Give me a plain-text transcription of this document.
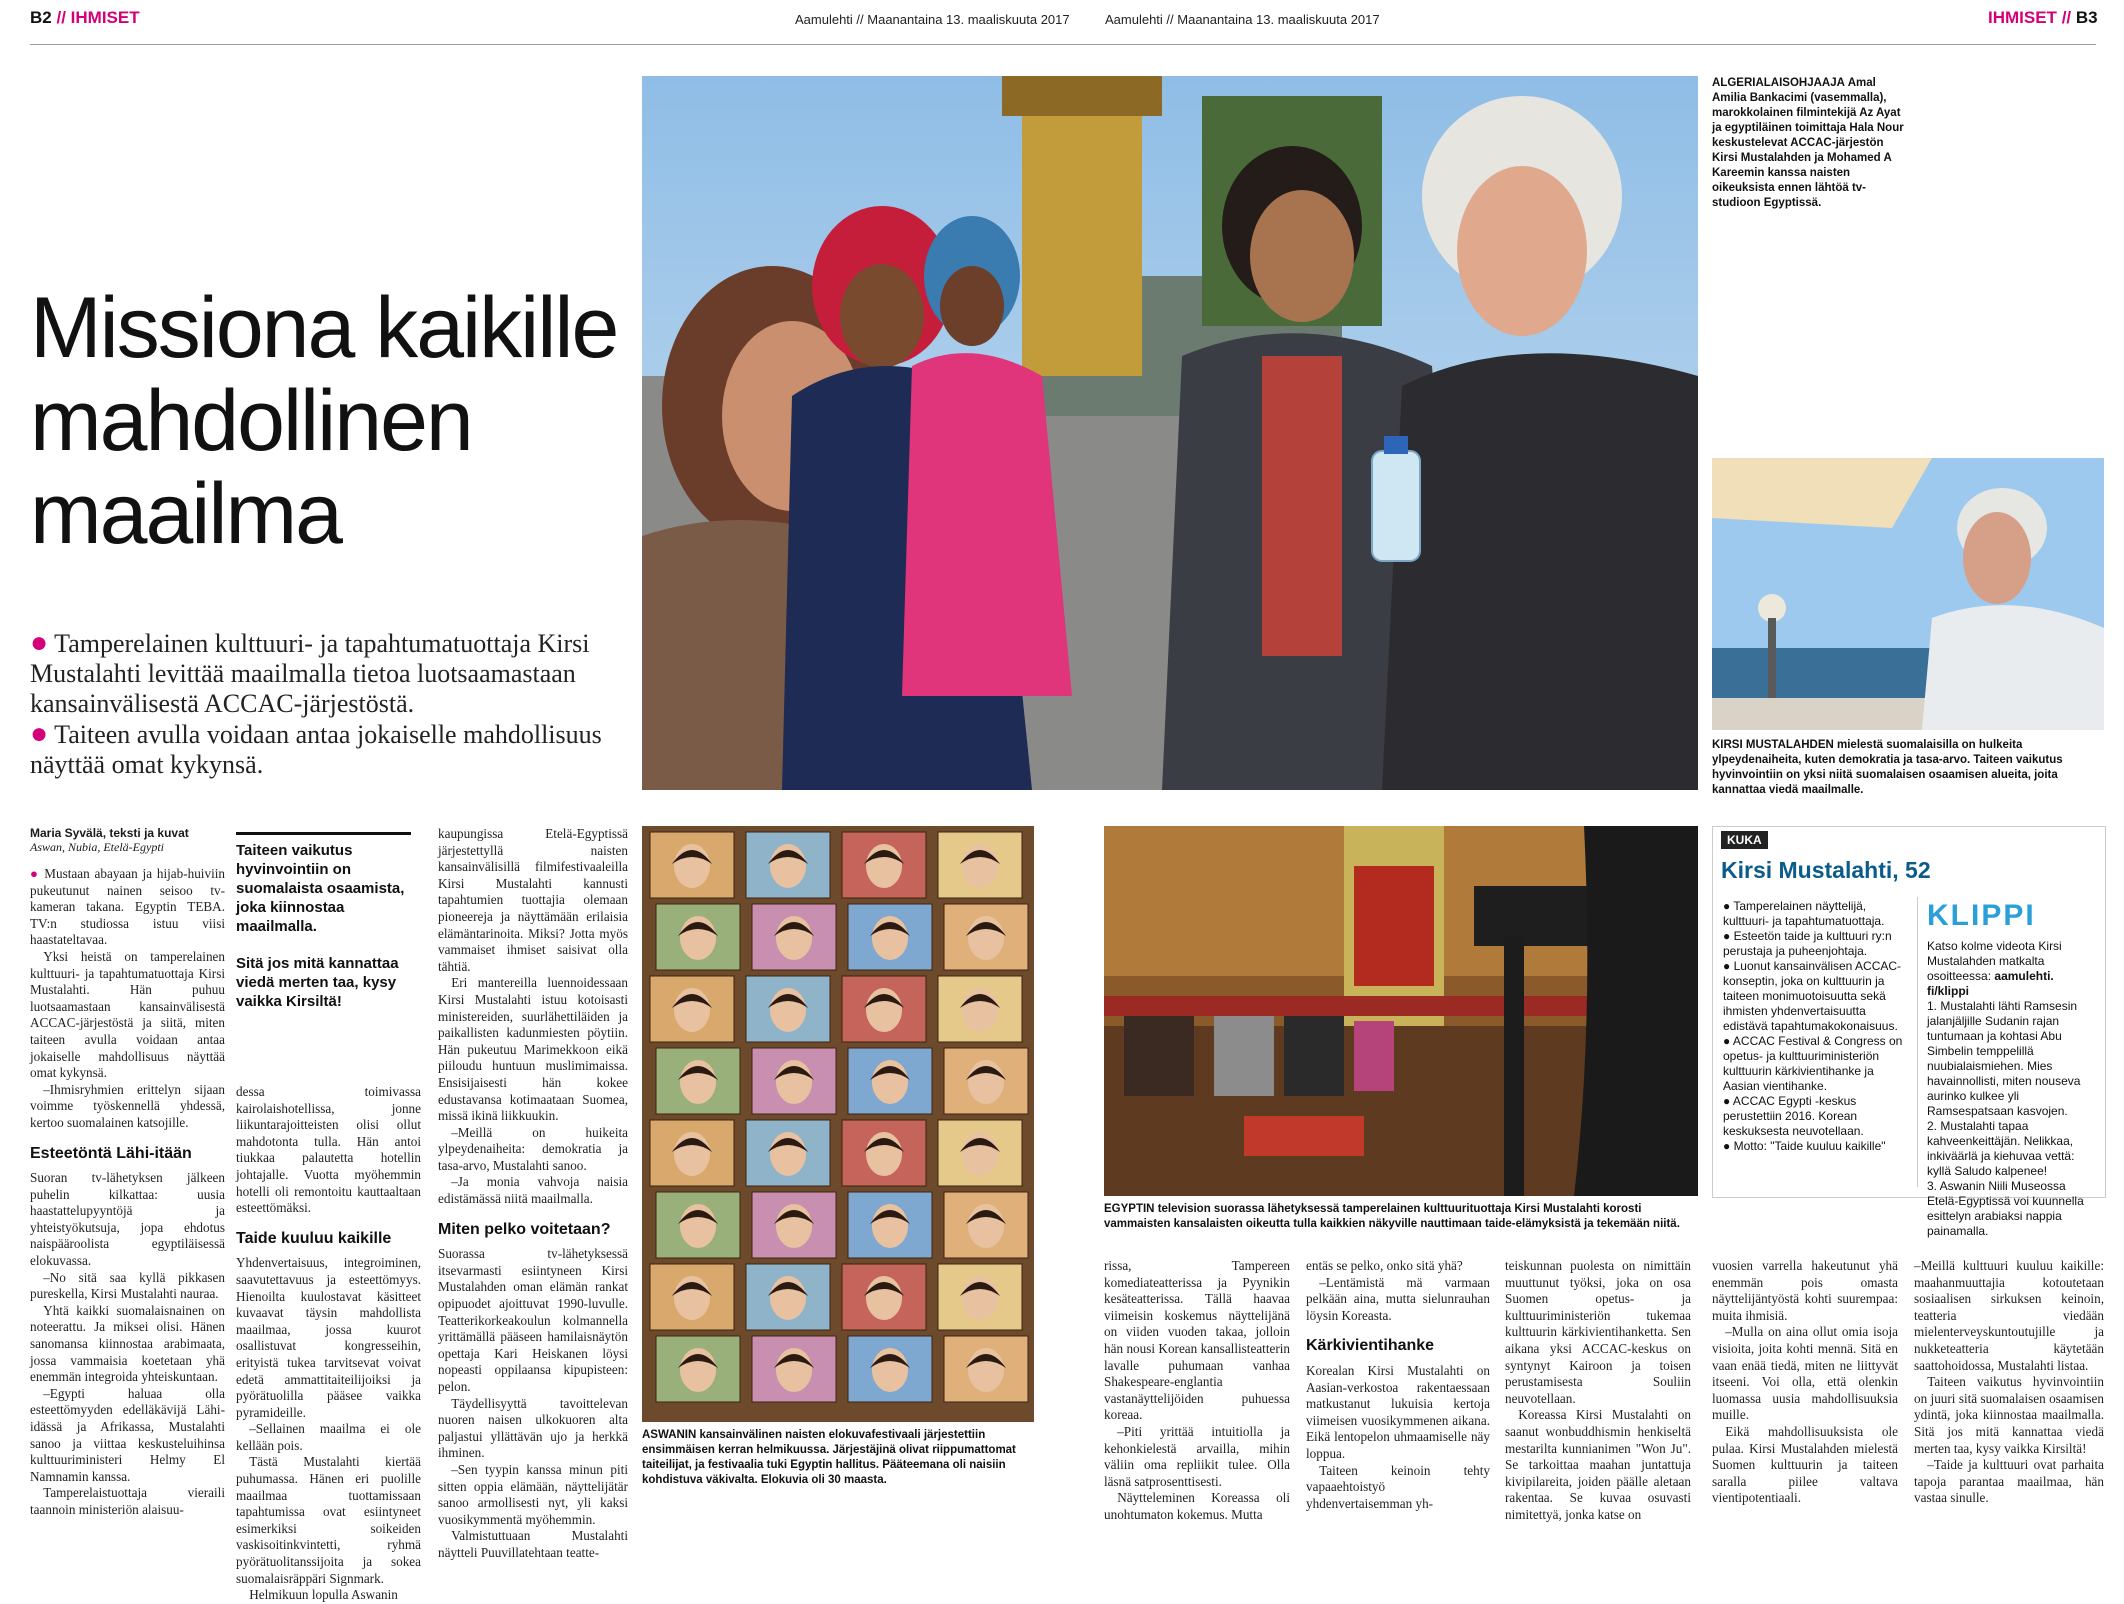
B2 // IHMISET	Aamulehti // Maanantaina 13. maaliskuuta 2017	Aamulehti // Maanantaina 13. maaliskuuta 2017	IHMISET // B3
Missiona kaikille
mahdollinen
maailma
● Tamperelainen kulttuuri- ja tapahtumatuottaja Kirsi Mustalahti levittää maailmalla tietoa luotsaamastaan kansainvälisestä ACCAC-järjestöstä.
● Taiteen avulla voidaan antaa jokaiselle mahdollisuus näyttää omat kykynsä.
ALGERIALAISOHJAAJA Amal Amilia Bankacimi (vasemmalla), marokkolainen filmintekijä Az Ayat ja egyptiläinen toimittaja Hala Nour keskustelevat ACCAC-järjestön Kirsi Mustalahden ja Mohamed A Kareemin kanssa naisten oikeuksista ennen lähtöä tv-studioon Egyptissä.
KIRSI MUSTALAHDEN mielestä suomalaisilla on hulkeita ylpeydenaiheita, kuten demokratia ja tasa-arvo. Taiteen vaikutus hyvinvointiin on yksi niitä suomalaisen osaamisen alueita, joita kannattaa viedä maailmalle.
Maria Syvälä, teksti ja kuvat
Aswan, Nubia, Etelä-Egypti

● Mustaan abayaan ja hijab-huiviin pukeutunut nainen seisoo tv-kameran takana. Egyptin TEBA. TV:n studiossa istuu viisi haastateltavaa.

Yksi heistä on tamperelainen kulttuuri- ja tapahtumatuottaja Kirsi Mustalahti. Hän puhuu luotsaamastaan kansainvälisestä ACCAC-järjestöstä ja siitä, miten taiteen avulla voidaan antaa jokaiselle mahdollisuus näyttää omat kykynsä.

–Ihmisryhmien erittelyn sijaan voimme työskennellä yhdessä, kertoo suomalainen katsojille.

Esteetöntä Lähi-itään

Suoran tv-lähetyksen jälkeen puhelin kilkattaa: uusia haastattelupyyntöjä ja yhteistyökutsuja, jopa ehdotus naispääroolista egyptiläisessä elokuvassa.

–No sitä saa kyllä pikkasen pureskella, Kirsi Mustalahti nauraa.

Yhtä kaikki suomalaisnainen on noteerattu. Ja miksei olisi. Hänen sanomansa kiinnostaa arabimaata, jossa vammaisia koetetaan yhä enemmän integroida yhteiskuntaan.

–Egypti haluaa olla esteettömyyden edelläkävijä Lähi-idässä ja Afrikassa, Mustalahti sanoo ja viittaa keskusteluihinsa kulttuuriministeri Helmy El Namnamin kanssa.

Tamperelaistuottaja vieraili taannoin ministeriön alaisuu-

Taiteen vaikutus hyvinvointiin on suomalaista osaamista, joka kiinnostaa maailmalla.
Sitä jos mitä kannattaa viedä merten taa, kysy vaikka Kirsiltä!

dessa toimivassa kairolaishotellissa, jonne liikuntarajoitteisten olisi ollut mahdotonta tulla. Hän antoi tiukkaa palautetta hotellin johtajalle. Vuotta myöhemmin hotelli oli remontoitu kauttaaltaan esteettömäksi.

Taide kuuluu kaikille

Yhdenvertaisuus, integroiminen, saavutettavuus ja esteettömyys. Hienoilta kuulostavat käsitteet kuvaavat täysin mahdollista maailmaa, jossa kuurot osallistuvat kongresseihin, erityistä tukea tarvitsevat voivat edetä ammattitaiteilijoiksi ja pyörätuolilla pääsee vaikka pyramideille.

–Sellainen maailma ei ole kellään pois.

Tästä Mustalahti kiertää puhumassa. Hänen eri puolille maailmaa tuottamissaan tapahtumissa ovat esiintyneet esimerkiksi soikeiden vaskisoitinkvintetti, ryhmä pyörätuolitanssijoita ja sokea suomalaisräppäri Signmark.

Helmikuun lopulla Aswanin

kaupungissa Etelä-Egyptissä järjestettyllä naisten kansainvälisillä filmifestivaaleilla Kirsi Mustalahti kannusti tapahtumien tuottajia olemaan pioneereja ja näyttämään erilaisia elämäntarinoita. Miksi? Jotta myös vammaiset ihmiset saisivat olla tähtiä.

Eri mantereilla luennoidessaan Kirsi Mustalahti istuu kotoisasti ministereiden, suurlähettiläiden ja paikallisten kadunmiesten pöytiin. Hän pukeutuu Marimekkoon eikä piiloudu huntuun muslimimaissa. Ensisijaisesti hän kokee edustavansa kotimaataan Suomea, missä ikinä liikkuukin.

–Meillä on huikeita ylpeydenaiheita: demokratia ja tasa-arvo, Mustalahti sanoo.

–Ja monia vahvoja naisia edistämässä niitä maailmalla.

Miten pelko voitetaan?

Suorassa tv-lähetyksessä itsevarmasti esiintyneen Kirsi Mustalahden oman elämän rankat opipuodet ajoittuvat 1990-luvulle. Teatterikorkeakoulun kolmannella yrittämällä pääseen hamilaisnäytön opettaja Kari Heiskanen löysi nopeasti oppilaansa kipupisteen: pelon.

Täydellisyyttä tavoittelevan nuoren naisen ulkokuoren alta paljastui yllättävän ujo ja herkkä ihminen.

–Sen tyypin kanssa minun piti sitten oppia elämään, näyttelijätär sanoo armollisesti nyt, yli kaksi vuosikymmentä myöhemmin.

Valmistuttuaan Mustalahti näytteli Puuvillatehtaan teatte-

ASWANIN kansainvälinen naisten elokuvafestivaali järjestettiin ensimmäisen kerran helmikuussa. Järjestäjinä olivat riippumattomat taiteilijat, ja festivaalia tuki Egyptin hallitus. Pääteemana oli naisiin kohdistuva väkivalta. Elokuvia oli 30 maasta.
EGYPTIN television suorassa lähetyksessä tamperelainen kulttuurituottaja Kirsi Mustalahti korosti vammaisten kansalaisten oikeutta tulla kaikkien näkyville nauttimaan taide-elämyksistä ja tekemään niitä.

rissa, Tampereen komediateatterissa ja Pyynikin kesäteatterissa. Tällä haavaa viimeisin koskemus näyttelijänä on viiden vuoden takaa, jolloin hän nousi Korean kansallisteatterin lavalle puhumaan vanhaa Shakespeare-englantia vastanäyttelijöiden puhuessa koreaa.

–Piti yrittää intuitiolla ja kehonkielestä arvailla, mihin väliin oma repliikit tulee. Olla läsnä satprosenttisesti.

Näytteleminen Koreassa oli unohtumaton kokemus. Mutta

entäs se pelko, onko sitä yhä?

–Lentämistä mä varmaan pelkään aina, mutta sielunrauhan löysin Koreasta.

Kärkivientihanke

Korealan Kirsi Mustalahti on Aasian-verkostoa rakentaessaan matkustanut lukuisia kertoja viimeisen vuosikymmenen aikana. Eikä lentopelon uhmaamiselle näy loppua.

Taiteen keinoin tehty vapaaehtoistyö yhdenvertaisemman yh-

teiskunnan puolesta on nimittäin muuttunut työksi, joka on osa Suomen opetus- ja kulttuuriministeriön tukemaa kulttuurin kärkivientihanketta. Sen aikana yksi ACCAC-keskus on syntynyt Kairoon ja toisen perustamisesta Souliin neuvotellaan.

Koreassa Kirsi Mustalahti on saanut wonbuddhismin henkiseltä mestarilta kunnianimen "Won Ju". Se tarkoittaa maahan juntattuja kivipilareita, joiden päälle aletaan rakentaa. Se kuvaa osuvasti nimitettyä, jonka katse on

vuosien varrella hakeutunut yhä enemmän pois omasta näyttelijäntyöstä kohti suurempaa: muita ihmisiä.

–Mulla on aina ollut omia isoja visioita, joita kohti mennä. Sitä en vaan enää tiedä, miten ne liittyvät itseeni. Voi olla, että olenkin luomassa uusia mahdollisuuksia muille.

Eikä mahdollisuuksista ole pulaa. Kirsi Mustalahden mielestä Suomen kulttuurin ja taiteen saralla piilee valtava vientipotentiaali.

–Meillä kulttuuri kuuluu kaikille: maahanmuuttajia kotoutetaan sosiaalisen sirkuksen keinoin, teatteria viedään mielenterveyskuntoutujille ja nukketeatteria käytetään saattohoidossa, Mustalahti listaa.

Taiteen vaikutus hyvinvointiin on juuri sitä suomalaisen osaamisen ydintä, joka kiinnostaa maailmalla. Sitä jos mitä kannattaa viedä merten taa, kysy vaikka Kirsiltä!

–Taide ja kulttuuri ovat parhaita tapoja parantaa maailmaa, hän vastaa sinulle.

KUKA
Kirsi Mustalahti, 52
● Tamperelainen näyttelijä, kulttuuri- ja tapahtumatuottaja.
● Esteetön taide ja kulttuuri ry:n perustaja ja puheenjohtaja.
● Luonut kansainvälisen ACCAC-konseptin, joka on kulttuurin ja taiteen monimuotoisuutta sekä ihmisten yhdenvertaisuutta edistävä tapahtumakokonaisuus.
● ACCAC Festival & Congress on opetus- ja kulttuuriministeriön kulttuurin kärkivientihanke ja Aasian vientihanke.
● ACCAC Egypti -keskus perustettiin 2016. Korean keskuksesta neuvotellaan.
● Motto: "Taide kuuluu kaikille"
KLIPPI
Katso kolme videota Kirsi Mustalahden matkalta osoitteessa: aamulehti. fi/klippi
1. Mustalahti lähti Ramsesin jalanjäljille Sudanin rajan tuntumaan ja kohtasi Abu Simbelin temppelillä nuubialaismiehen. Mies havainnollisti, miten nouseva aurinko kulkee yli Ramsespatsaan kasvojen.
2. Mustalahti tapaa kahveenkeittäjän. Nelikkaa, inkiväärlä ja kiehuvaa vettä: kyllä Saludo kalpenee!
3. Aswanin Niili Museossa Etelä-Egyptissä voi kuunnella esittelyn arabiaksi nappia painamalla.
